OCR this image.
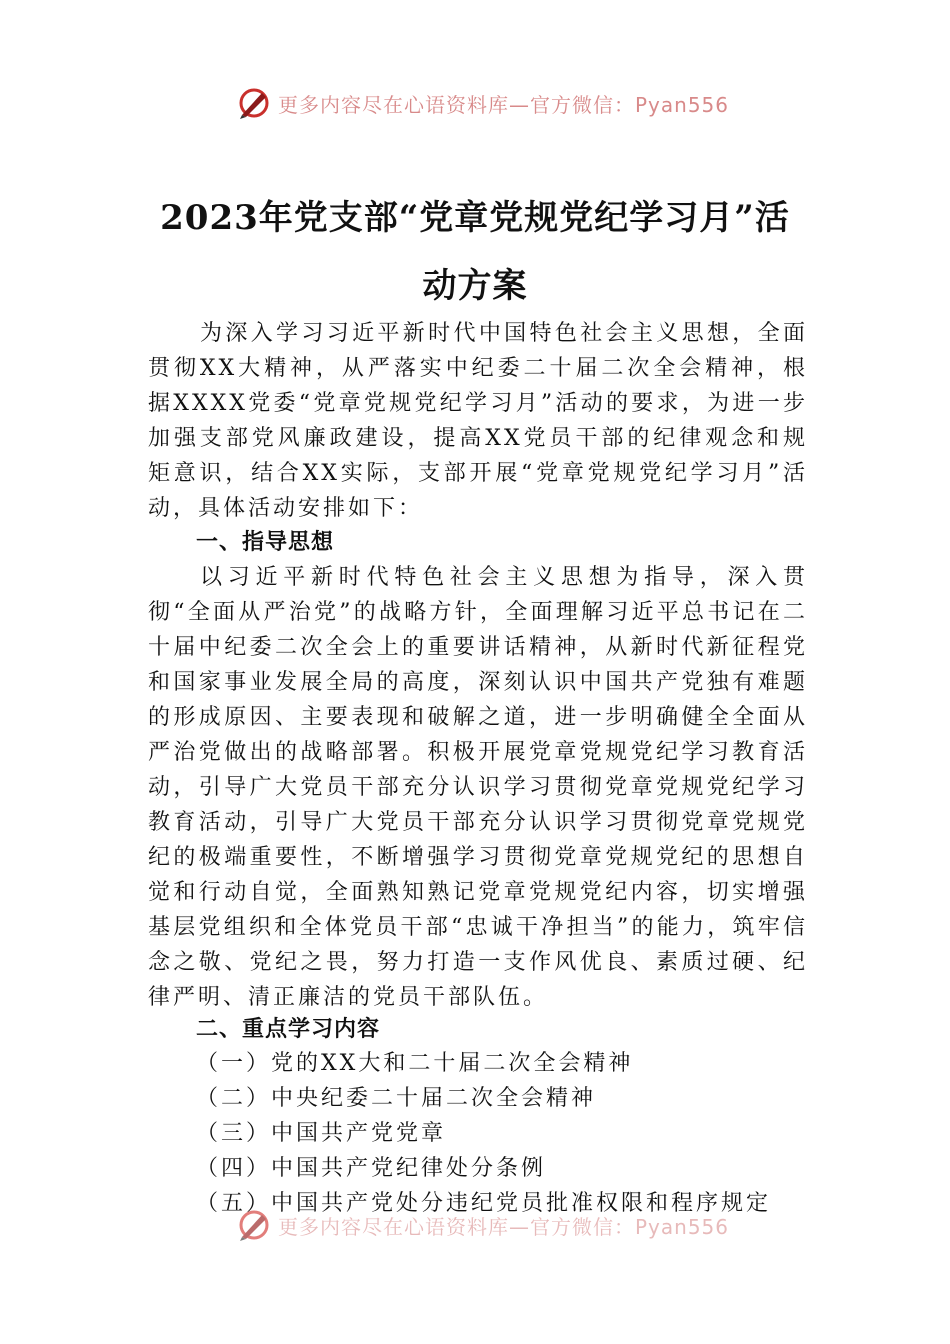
更多内容尽在心语资料库—官方微信：Pyan556
2023年党支部“党章党规党纪学习月”活
动方案
为深入学习习近平新时代中国特色社会主义思想，全面贯彻XX大精神，从严落实中纪委二十届二次全会精神，根据XXXX党委“党章党规党纪学习月”活动的要求，为进一步加强支部党风廉政建设，提高XX党员干部的纪律观念和规矩意识，结合XX实际，支部开展“党章党规党纪学习月”活动，具体活动安排如下：
一、指导思想
以习近平新时代特色社会主义思想为指导，深入贯彻“全面从严治党”的战略方针，全面理解习近平总书记在二十届中纪委二次全会上的重要讲话精神，从新时代新征程党和国家事业发展全局的高度，深刻认识中国共产党独有难题的形成原因、主要表现和破解之道，进一步明确健全全面从严治党做出的战略部署。积极开展党章党规党纪学习教育活动，引导广大党员干部充分认识学习贯彻党章党规党纪学习教育活动，引导广大党员干部充分认识学习贯彻党章党规党纪的极端重要性，不断增强学习贯彻党章党规党纪的思想自觉和行动自觉，全面熟知熟记党章党规党纪内容，切实增强基层党组织和全体党员干部“忠诚干净担当”的能力，筑牢信念之敬、党纪之畏，努力打造一支作风优良、素质过硬、纪律严明、清正廉洁的党员干部队伍。
二、重点学习内容
（一）党的XX大和二十届二次全会精神
（二）中央纪委二十届二次全会精神
（三）中国共产党党章
（四）中国共产党纪律处分条例
（五）中国共产党处分违纪党员批准权限和程序规定
更多内容尽在心语资料库—官方微信：Pyan556
